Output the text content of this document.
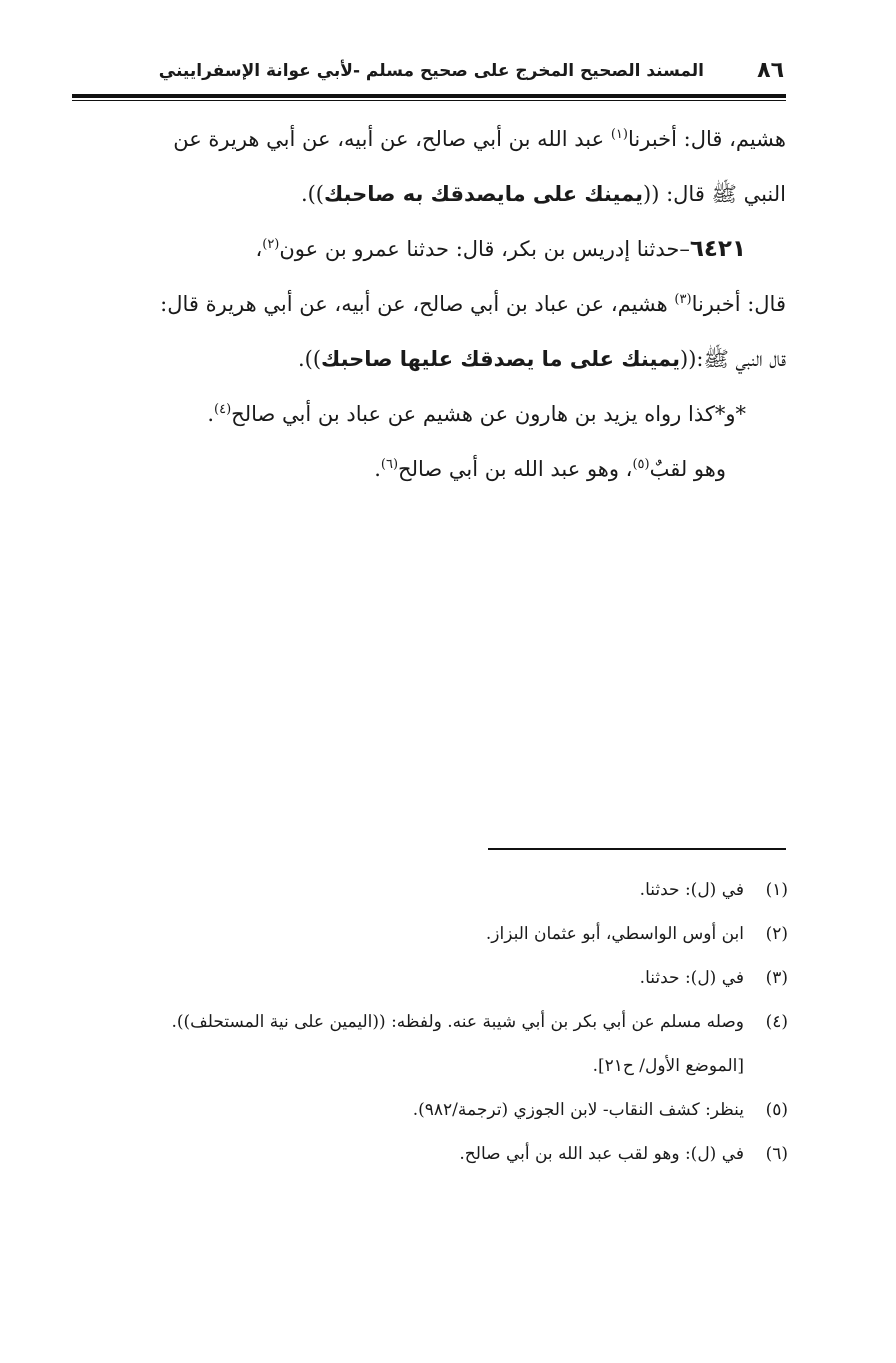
٨٦
المسند الصحيح المخرج على صحيح مسلم -لأبي عوانة الإسفراييني
هشيم، قال: أخبرنا$^{(١)}$ عبد الله بن أبي صالح، عن أبيه، عن أبي هريرة عن
النبي ﷺ قال: ((يمينك على مايصدقك به صاحبك)).
٦٤٢١–حدثنا إدريس بن بكر، قال: حدثنا عمرو بن عون$^{(٢)}$،
قال: أخبرنا$^{(٣)}$ هشيم، عن عباد بن أبي صالح، عن أبيه، عن أبي هريرة قال:
قال النبي ﷺ:((يمينك على ما يصدقك عليها صاحبك)).
*و*كذا رواه يزيد بن هارون عن هشيم عن عباد بن أبي صالح$^{(٤)}$.
وهو لقبٌ$^{(٥)}$، وهو عبد الله بن أبي صالح$^{(٦)}$.
(١)
في (ل): حدثنا.
(٢)
ابن أوس الواسطي، أبو عثمان البزاز.
(٣)
في (ل): حدثنا.
(٤)
وصله مسلم عن أبي بكر بن أبي شيبة عنه. ولفظه: ((اليمين على نية المستحلف)).
[الموضع الأول/ ح٢١].
(٥)
ينظر: كشف النقاب- لابن الجوزي (ترجمة/٩٨٢).
(٦)
في (ل): وهو لقب عبد الله بن أبي صالح.
